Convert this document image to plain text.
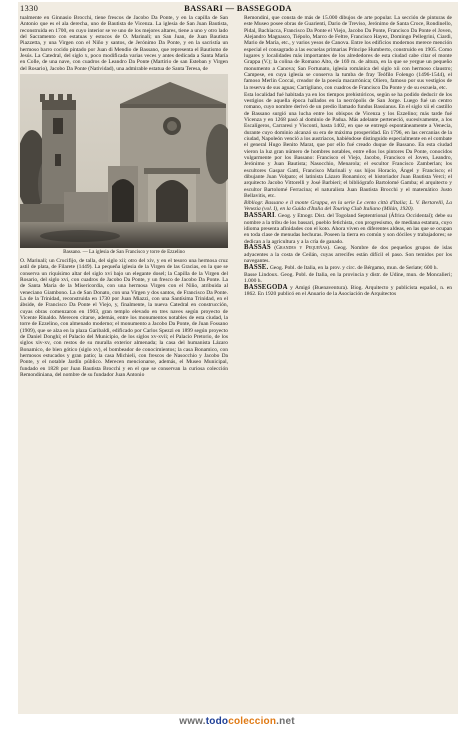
1330	BASSARI — BASSEGODA

tualmente en Ginnasio Brocchi, tiene frescos de Jacobo Da Ponte, y en la capilla de San Antonio que es el ala derecha, uno de Bautista de Vicenza. La iglesia de San Juan Bautista, reconstruida en 1700, en cuyo interior se ve uno de los mejores altares, tiene a uno y otro lado del Sacramento con estatuas y estucos de O. Marinali; un San Juan, de Juan Bautista Piazzetta, y una Virgen con el Niño y santos, de Jerónimo Da Ponte, y en la sacristía un hermoso barro cocido pintado por Juan di Mendio de Bassano, que representa el Bautismo de Jesús. La Catedral, del siglo x, poco modificada varias veces y antes dedicada a Santa María en Colle, de una nave, con cuadros de Leandro Da Ponte (Martirio de san Esteban y Virgen del Rosario), Jacobo Da Ponte (Natividad), una admirable estatua de Santa Teresa, de

Bassano. — La iglesia de San Francisco y torre de Ezzelino

O. Marinali; un Crucifijo, de talla, del siglo xii; otro del xiv, y en el tesoro una hermosa cruz astil de plata, de Filarete (1449). La pequeña iglesia de la Virgen de las Gracias, en la que se conserva un riquísimo altar del siglo xvi bajo un elegante dosel; la Capilla de la Virgen del Rosario, del siglo xvi, con cuadros de Jacobo Da Ponte, y un fresco de Jacobo Da Ponte. La de Santa María de la Misericordia, con una hermosa Virgen con el Niño, atribuida al veneciano Giambono. La de San Donato, con una Virgen y dos santos, de Francisco Da Ponte. La de la Trinidad, reconstruida en 1730 por Juan Miazzi, con una Santísima Trinidad, en el ábside, de Francisco Da Ponte el Viejo, y, finalmente, la nueva Catedral en construcción, cuyas obras comenzaron en 1903, gran templo elevado en tres naves según proyecto de Vicente Rinaldo. Merecen citarse, además, entre los monumentos notables de esta ciudad, la torre de Ezzelino, con almenado moderno; el monumento a Jacobo Da Ponte, de Juan Fossano (1909), que se alza en la plaza Garibaldi, edificado por Carlos Spezzi en 1899 según proyecto de Daniel Donghi; el Palacio del Municipio, de los siglos xv-xvii; el Palacio Pretorio, de los siglos xiv-xv, con restos de su muralla exterior almenada; la casa del humanista Lázaro Bonamico, de bien gótico (siglo xv), el bombeador de conocimientos; la casa Bonamico, con hermosos estucados y gran patio; la casa Michieli, con frescos de Nasocchio y Jacobo Da Ponte, y el notable Jardín público. Merecen mencionarse, además, el Museo Municipal, fundado en 1828 por Juan Bautista Brocchi y en el que se conservan la curiosa colección Remondiniana, del nombre de su fundador Juan Antonio

Remondini, que consta de más de 15.000 dibujos de arte popular. La sección de pinturas de este Museo posee obras de Guarienti, Dario de Treviso, Jerónimo de Santa Croce, Rondinello, Pidal, Bachiacca, Francisco Da Ponte el Viejo, Jacobo Da Ponte, Francisco Da Ponte el Joven, Alejandro Magnasco, Tiépolo, Marco de Feltre, Francisco Hayez, Domingo Pellegrini, Ciardi, Mario de María, etc., y varios yesos de Canova. Entre los edificios modernos merece mención especial el consagrado a las escuelas primarias Principe Humberto, construido en 1905. Como lugares y localidades más importantes de los alrededores de esta ciudad cabe citar el monte Grappa (V.); la colina de Romano Alto, de 169 m. de altura, en la que se yergue un pequeño monumento a Canova; San Fortunato, iglesia románica del siglo xii con hermoso claustro; Campese, en cuya iglesia se conserva la tumba de fray Teófilo Folengo (1496-1544), el famoso Merlin Coccai, creador de la poesía macarrónica; Oliero, famoso por sus vestigios de la reserva de sus aguas; Cartigliano, con cuadros de Francisco Da Ponte y de su escuela, etc.

Esta localidad fué habitada ya en los tiempos prehistóricos, según se ha podido deducir de los vestigios de aquella época hallados en la necrópolis de San Jorge. Luego fué un centro romano, cuyo nombre derivó de un predio llamado fundus Bassianus. En el siglo xii el castillo de Bassano surgió una lucha entre los obispos de Vicenza y los Ezzelino; más tarde fué Vicenza y en 1268 pasó al dominio de Padua. Más adelante perteneció, sucesivamente, a los Escalígeros, Carraresi y Visconti, hasta 1402, en que se entregó espontáneamente a Venecia, durante cuyo dominio alcanzó su era de máxima prosperidad. En 1796, en las cercanías de la ciudad, Napoleón venció a los austríacos, habiéndose distinguido especialmente en el combate el general Hugo Benito Marat, que por ello fué creado duque de Bassano. En esta ciudad vieron la luz gran número de hombres notables, entre ellos los pintores Da Ponte, conocidos vulgarmente por los Bassano: Francisco el Viejo, Jacobo, Francisco el Joven, Leandro, Jerónimo y Juan Bautista; Nasocchio, Menarola; el escultor Francisco Zamberlan; los escultores Gaspar Gatti, Francisco Marinali y sus hijos Horacio, Ángel y Francisco; el dibujante Juan Volpato; el latinista Lázaro Bonamico; el historiador Juan Bautista Verci; el arquitecto Jacobo Vittorelli y José Barbieri; el bibliógrafo Bartolomé Gamba; el arquitecto y escultor Bartolomé Ferracina; el naturalista Juan Bautista Brocchi y el matemático Justo Bellavitis, etc.

Bibliogr. Bassano e il monte Grappa, en la serie Le cento città d'Italia; L. V. Bertarelli, La Venezia (vol. I), en la Guida d'Italia del Touring Club Italiano (Milán, 1920).

BASSARI. Geog. y Etnogr. Dist. del Togoland Septentrional (África Occidental); debe su nombre a la tribu de los bassari, pueblo fetichista, con progresismo, de mediana estatura, cuyo idioma presenta afinidades con el koto. Ahora viven en diferentes aldeas, en las que se ocupan en toda clase de menudas hechuras. Poseen la tierra en común y son dóciles y trabajadores; se dedican a la agricultura y a la cría de ganado.

BASSAS (Grandes y Pequeñas). Geog. Nombre de dos pequeños grupos de islas adyacentes a la costa de Ceilán, cuyas arrecifes están difícil el paso. Son temidos por los navegantes.

BASSE. Geog. Pobl. de Italia, en la prov. y circ. de Bérgamo, mun. de Seriate; 600 h.

Basse Lindoux. Geog. Pobl. de Italia, en la provincia y distr. de Udine, mun. de Moncalieri; 1.000 h.

BASSEGODA y Amigó (Buenaventura). Biog. Arquitecto y publicista español, n. en 1862. En 1920 publicó en el Anuario de la Asociación de Arquitectos

www.todocoleccion.net
